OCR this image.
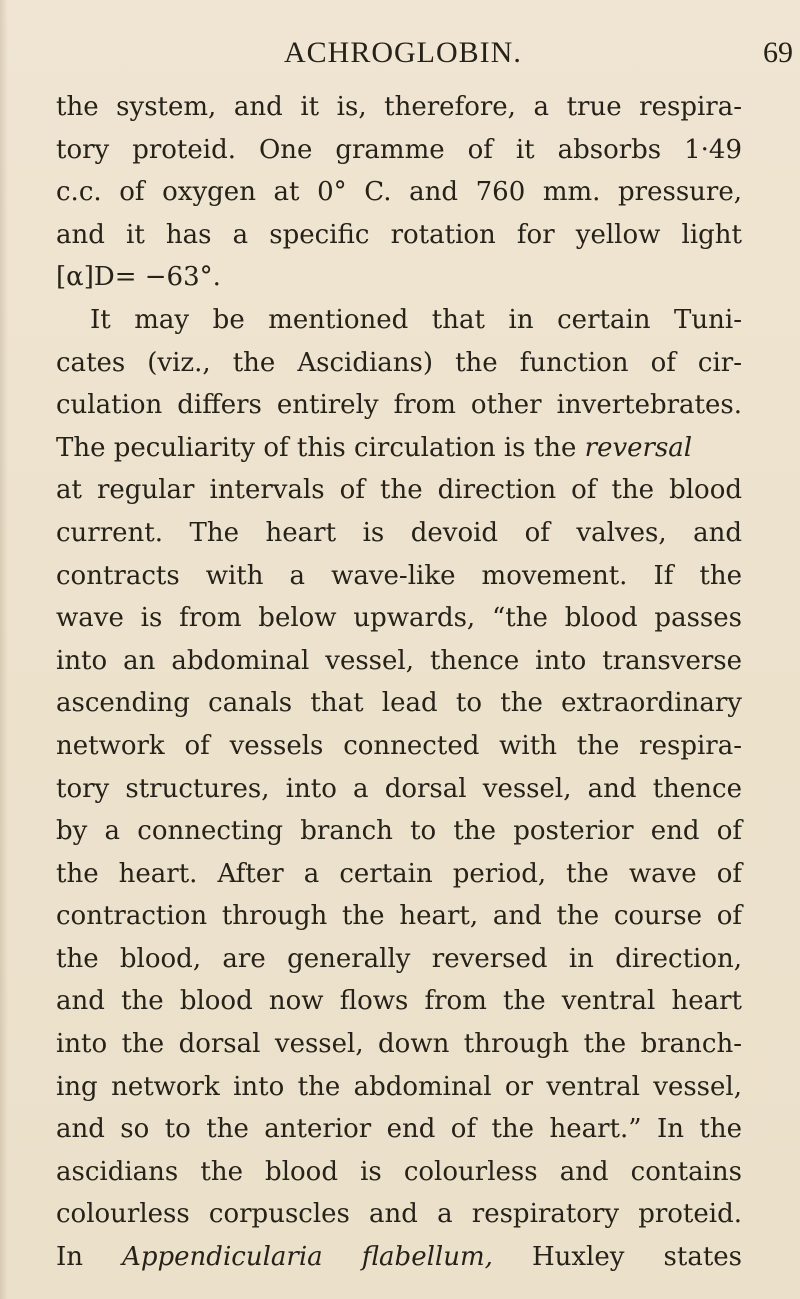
ACHROGLOBIN.	69
the system, and it is, therefore, a true respira-
tory proteid. One gramme of it absorbs 1·49
c.c. of oxygen at 0° C. and 760 mm. pressure,
and it has a specific rotation for yellow light
[α]D= −63°.
It may be mentioned that in certain Tuni-
cates (viz., the Ascidians) the function of cir-
culation differs entirely from other invertebrates.
The peculiarity of this circulation is the reversal
at regular intervals of the direction of the blood
current. The heart is devoid of valves, and
contracts with a wave-like movement. If the
wave is from below upwards, “the blood passes
into an abdominal vessel, thence into transverse
ascending canals that lead to the extraordinary
network of vessels connected with the respira-
tory structures, into a dorsal vessel, and thence
by a connecting branch to the posterior end of
the heart. After a certain period, the wave of
contraction through the heart, and the course of
the blood, are generally reversed in direction,
and the blood now flows from the ventral heart
into the dorsal vessel, down through the branch-
ing network into the abdominal or ventral vessel,
and so to the anterior end of the heart.” In the
ascidians the blood is colourless and contains
colourless corpuscles and a respiratory proteid.
In Appendicularia flabellum, Huxley states
